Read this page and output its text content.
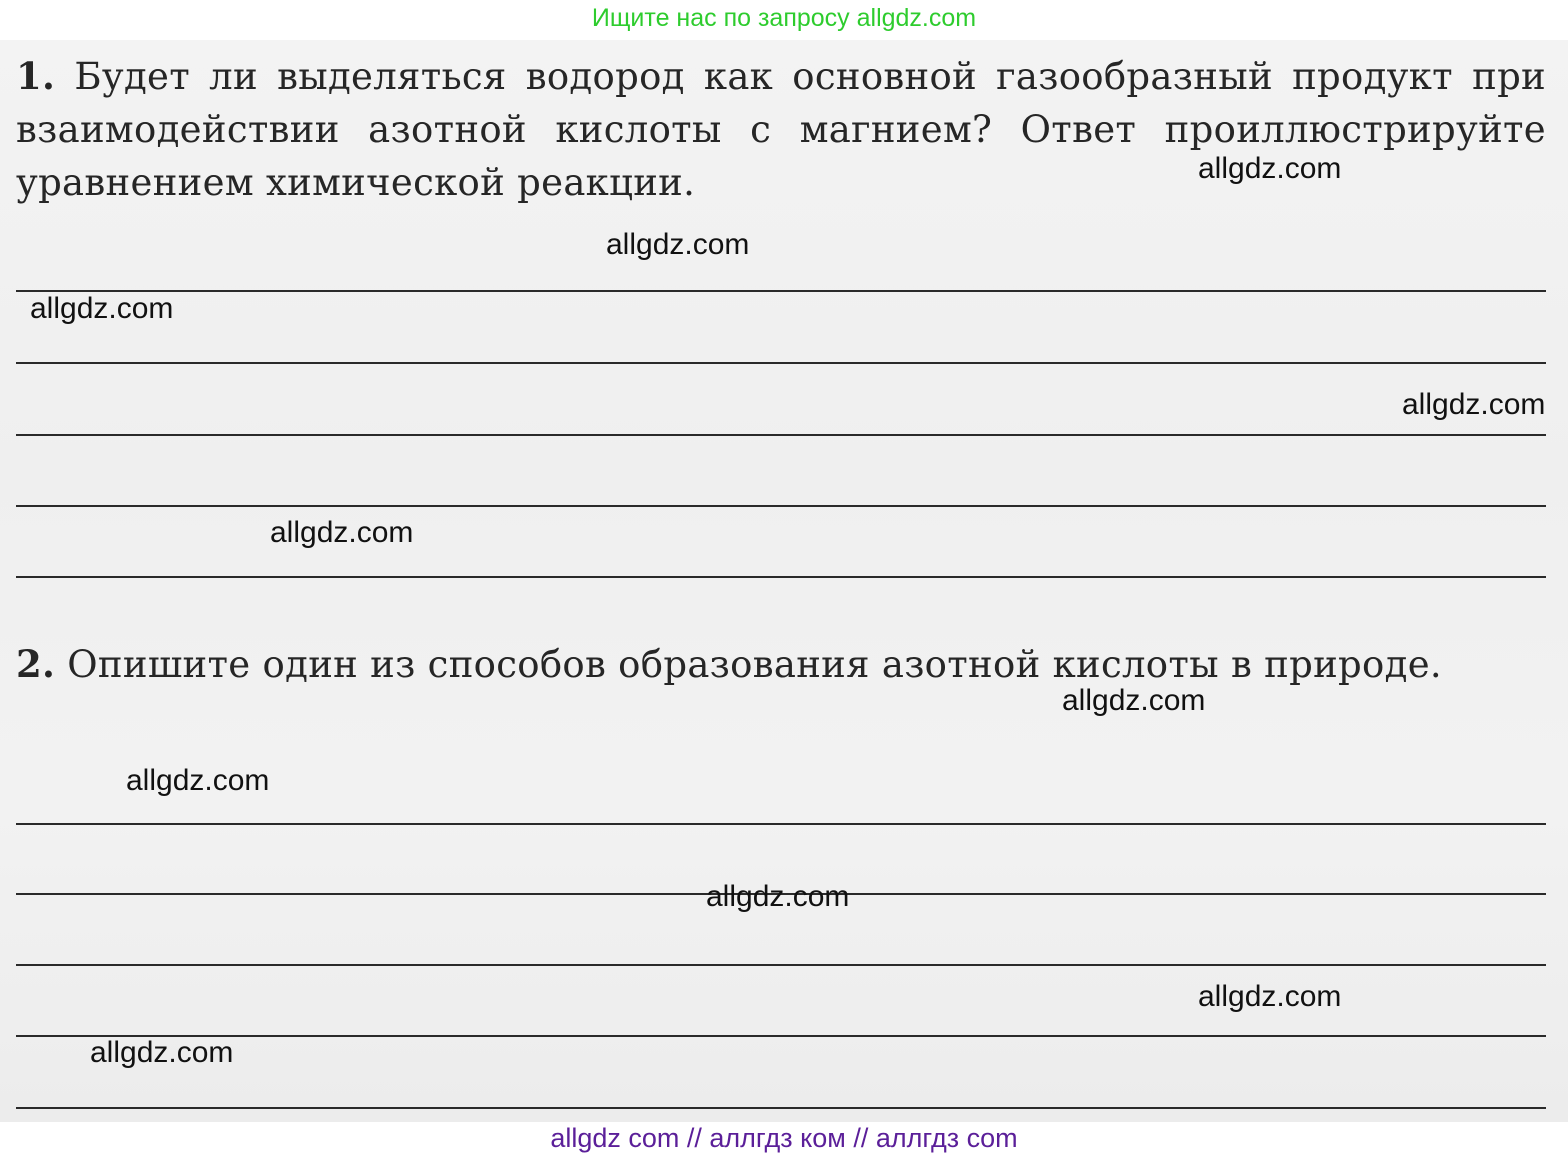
Ищите нас по запросу allgdz.com
1. Будет ли выделяться водород как основной газообразный продукт при взаимодействии азотной кислоты с магнием? Ответ проиллюстрируйте уравнением химической реакции.
2. Опишите один из способов образования азотной кислоты в природе.
allgdz.com
allgdz.com
allgdz.com
allgdz.com
allgdz.com
allgdz.com
allgdz.com
allgdz.com
allgdz.com
allgdz.com
allgdz com // аллгдз ком // аллгдз com
